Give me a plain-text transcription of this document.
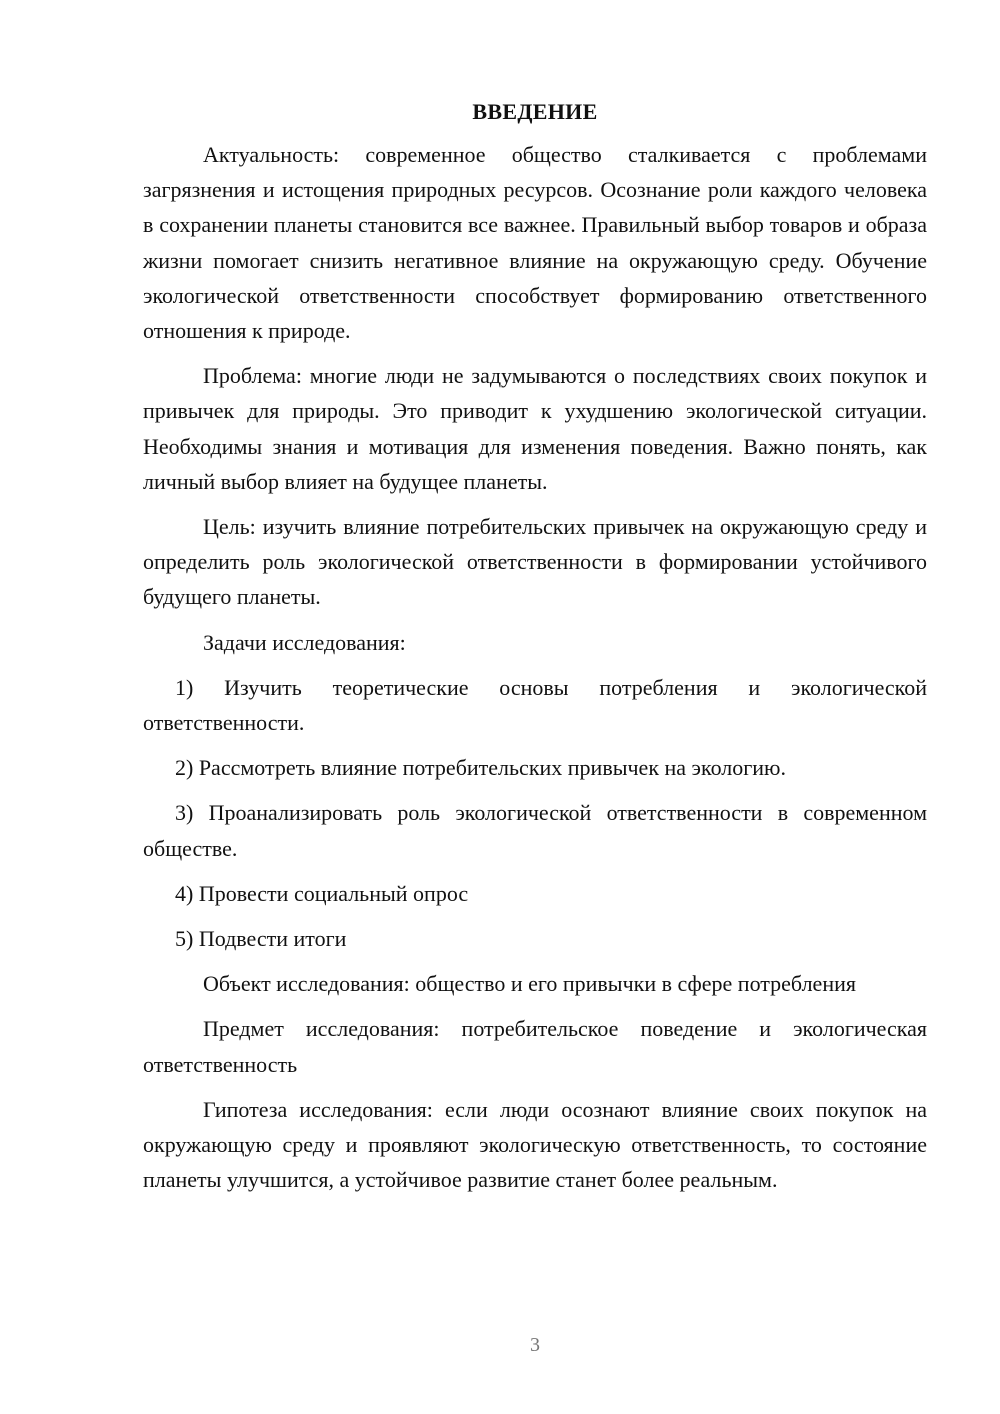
ВВЕДЕНИЕ

Актуальность: современное общество сталкивается с проблемами загрязнения и истощения природных ресурсов. Осознание роли каждого человека в сохранении планеты становится все важнее. Правильный выбор товаров и образа жизни помогает снизить негативное влияние на окружающую среду. Обучение экологической ответственности способствует формированию ответственного отношения к природе.

Проблема: многие люди не задумываются о последствиях своих покупок и привычек для природы. Это приводит к ухудшению экологической ситуации. Необходимы знания и мотивация для изменения поведения. Важно понять, как личный выбор влияет на будущее планеты.

Цель: изучить влияние потребительских привычек на окружающую среду и определить роль экологической ответственности в формировании устойчивого будущего планеты.

Задачи исследования:

1) Изучить теоретические основы потребления и экологической ответственности.

2) Рассмотреть влияние потребительских привычек на экологию.

3) Проанализировать роль экологической ответственности в современном обществе.

4) Провести социальный опрос

5) Подвести итоги

Объект исследования: общество и его привычки в сфере потребления

Предмет исследования: потребительское поведение и экологическая ответственность

Гипотеза исследования: если люди осознают влияние своих покупок на окружающую среду и проявляют экологическую ответственность, то состояние планеты улучшится, а устойчивое развитие станет более реальным.

3
